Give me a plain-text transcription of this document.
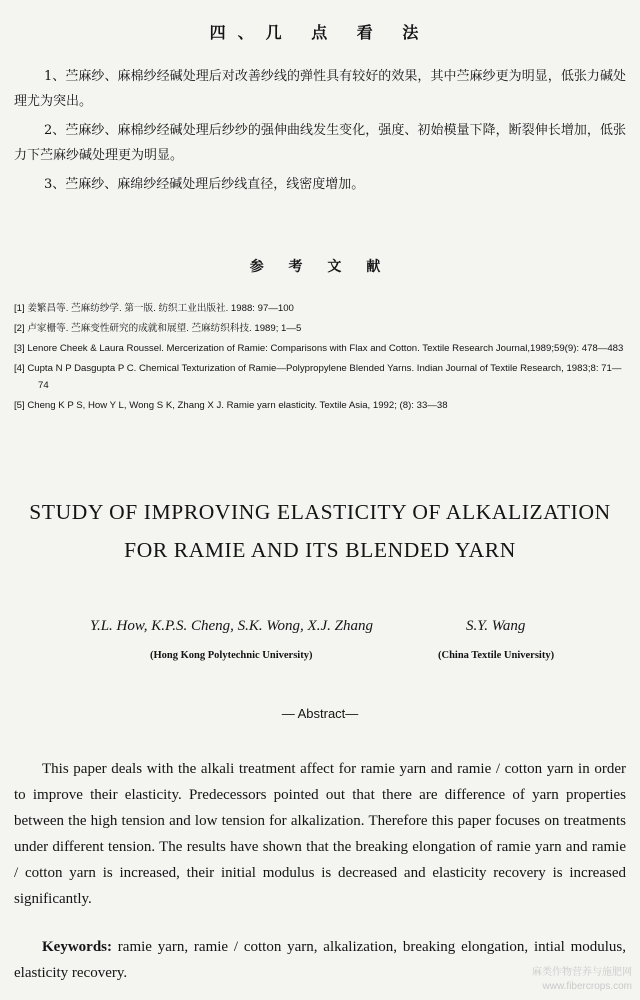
四、几 点 看 法
1、苎麻纱、麻棉纱经碱处理后对改善纱线的弹性具有较好的效果，其中苎麻纱更为明显，低张力碱处理尤为突出。
2、苎麻纱、麻棉纱经碱处理后纱纱的强伸曲线发生变化，强度、初始模量下降，断裂伸长增加，低张力下苎麻纱碱处理更为明显。
3、苎麻纱、麻绵纱经碱处理后纱线直径，线密度增加。
参 考 文 献
[1] 姜繁昌等. 苎麻纺纱学. 第一版. 纺织工业出版社. 1988: 97—100
[2] 卢家栅等. 苎麻变性研究的成就和展望. 苎麻纺织科技. 1989; 1—5
[3] Lenore Cheek & Laura Roussel. Mercerization of Ramie: Comparisons with Flax and Cotton. Textile Research Journal,1989;59(9): 478—483
[4] Cupta N P Dasgupta P C. Chemical Texturization of Ramie—Polypropylene Blended Yarns. Indian Journal of Textile Research, 1983;8: 71—74
[5] Cheng K P S, How Y L, Wong S K, Zhang X J. Ramie yarn elasticity. Textile Asia, 1992; (8): 33—38
STUDY OF IMPROVING ELASTICITY OF ALKALIZATION
FOR RAMIE AND ITS BLENDED YARN
Y.L. How, K.P.S. Cheng, S.K. Wong, X.J. Zhang	S.Y. Wang
(Hong Kong Polytechnic University)	(China Textile University)
— Abstract—
This paper deals with the alkali treatment affect for ramie yarn and ramie / cotton yarn in order to improve their elasticity. Predecessors pointed out that there are difference of yarn properties between the high tension and low tension for alkalization. Therefore this paper focuses on treatments under different tension. The results have shown that the breaking elongation of ramie yarn and ramie / cotton yarn is increased, their initial modulus is decreased and elasticity recovery is increased significantly.
Keywords: ramie yarn, ramie / cotton yarn, alkalization, breaking elongation, intial modulus, elasticity recovery.	麻类作物营养与施肥网
www.fibercrops.com
